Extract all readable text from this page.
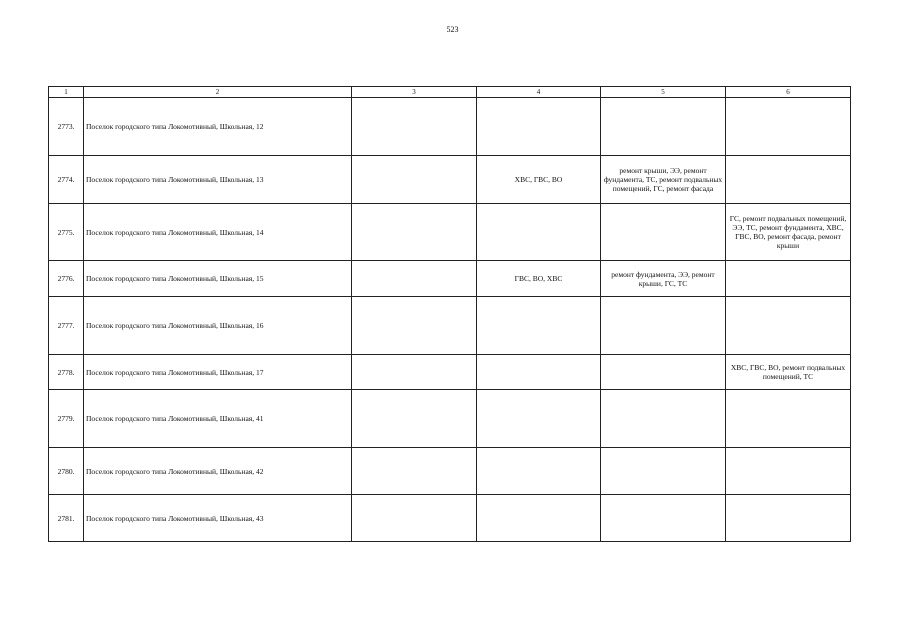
523
1	2	3	4	5	6
2773.	Поселок городского типа Локомотивный, Школьная, 12				
2774.	Поселок городского типа Локомотивный, Школьная, 13		ХВС, ГВС, ВО	ремонт крыши, ЭЭ, ремонт фундамента, ТС, ремонт подвальных помещений, ГС, ремонт фасада	
2775.	Поселок городского типа Локомотивный, Школьная, 14				ГС, ремонт подвальных помещений, ЭЭ, ТС, ремонт фундамента, ХВС, ГВС, ВО, ремонт фасада, ремонт крыши
2776.	Поселок городского типа Локомотивный, Школьная, 15		ГВС, ВО, ХВС	ремонт фундамента, ЭЭ, ремонт крыши, ГС, ТС	
2777.	Поселок городского типа Локомотивный, Школьная, 16				
2778.	Поселок городского типа Локомотивный, Школьная, 17				ХВС, ГВС, ВО, ремонт подвальных помещений, ТС
2779.	Поселок городского типа Локомотивный, Школьная, 41				
2780.	Поселок городского типа Локомотивный, Школьная, 42				
2781.	Поселок городского типа Локомотивный, Школьная, 43				
